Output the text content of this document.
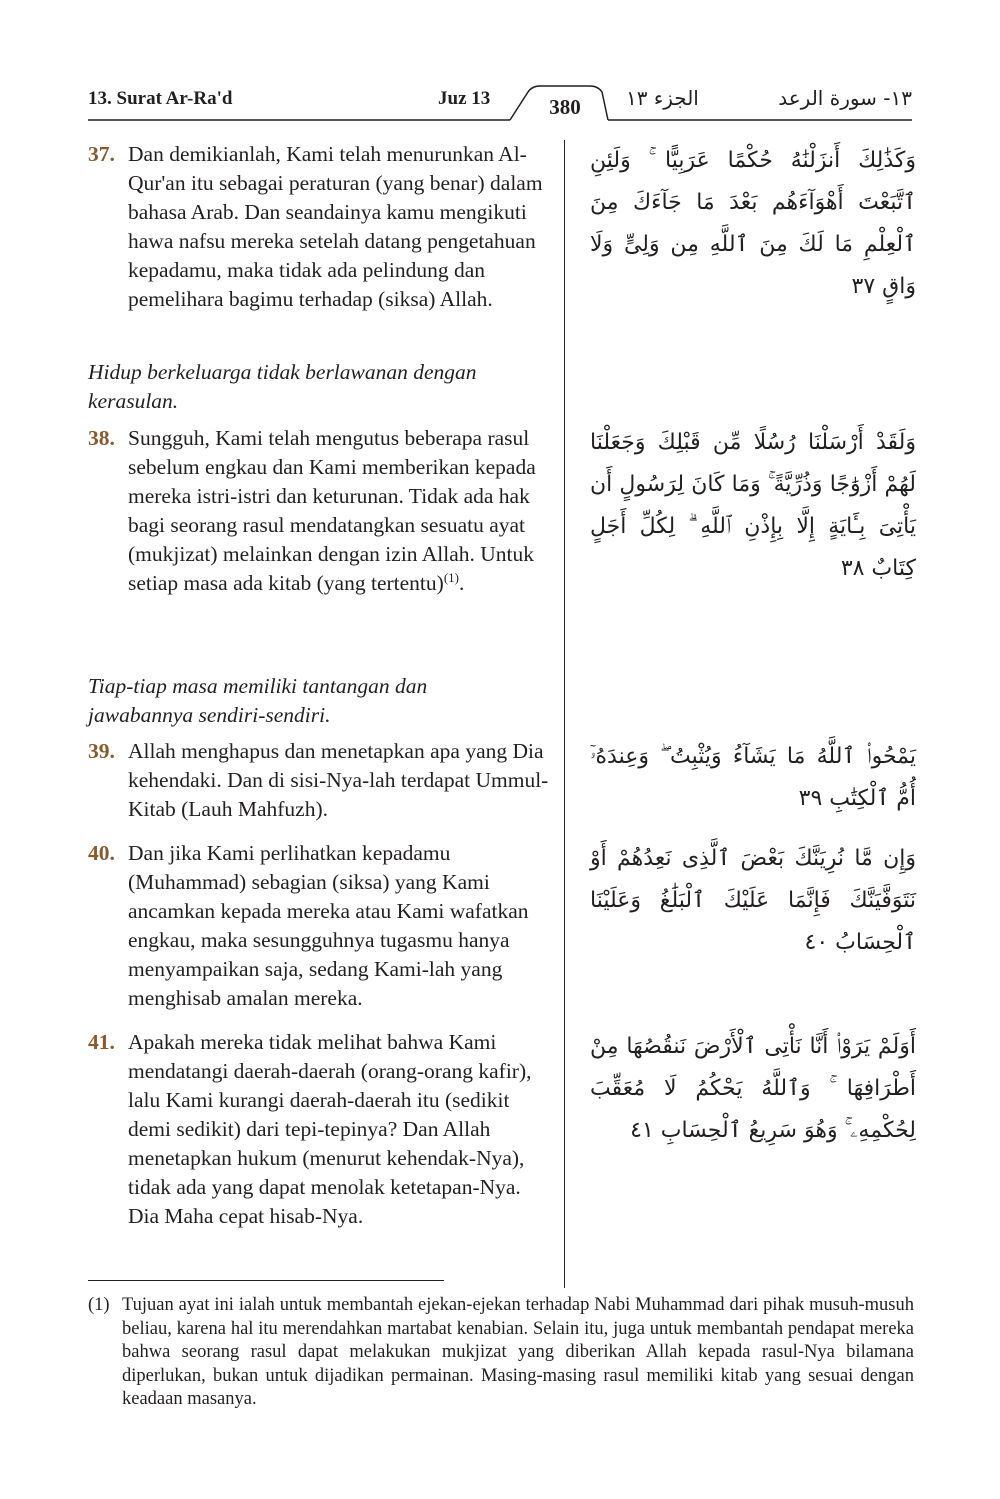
13. Surat Ar-Ra'd	Juz 13	380	الجزء ١٣	١٣- سورة الرعد
37. Dan demikianlah, Kami telah menurunkan Al-Qur'an itu sebagai peraturan (yang benar) dalam bahasa Arab. Dan seandainya kamu mengikuti hawa nafsu mereka setelah datang pengetahuan kepadamu, maka tidak ada pelindung dan pemelihara bagimu terhadap (siksa) Allah.
وَكَذَٰلِكَ أَنزَلْنَٰهُ حُكْمًا عَرَبِيًّا ۚ وَلَئِنِ ٱتَّبَعْتَ أَهْوَآءَهُم بَعْدَ مَا جَآءَكَ مِنَ ٱلْعِلْمِ مَا لَكَ مِنَ ٱللَّهِ مِن وَلِىٍّ وَلَا وَاقٍ ٣٧
Hidup berkeluarga tidak berlawanan dengan kerasulan.
38. Sungguh, Kami telah mengutus beberapa rasul sebelum engkau dan Kami memberikan kepada mereka istri-istri dan keturunan. Tidak ada hak bagi seorang rasul mendatangkan sesuatu ayat (mukjizat) melainkan dengan izin Allah. Untuk setiap masa ada kitab (yang tertentu)$^{(1)}$.
وَلَقَدْ أَرْسَلْنَا رُسُلًا مِّن قَبْلِكَ وَجَعَلْنَا لَهُمْ أَزْوَٰجًا وَذُرِّيَّةً ۚ وَمَا كَانَ لِرَسُولٍ أَن يَأْتِىَ بِـَٔايَةٍ إِلَّا بِإِذْنِ ٱللَّهِ ۗ لِكُلِّ أَجَلٍ كِتَابٌ ٣٨
Tiap-tiap masa memiliki tantangan dan jawabannya sendiri-sendiri.
39. Allah menghapus dan menetapkan apa yang Dia kehendaki. Dan di sisi-Nya-lah terdapat Ummul-Kitab (Lauh Mahfuzh).
يَمْحُوا۟ ٱللَّهُ مَا يَشَآءُ وَيُثْبِتُ ۖ وَعِندَهُۥٓ أُمُّ ٱلْكِتَٰبِ ٣٩
40. Dan jika Kami perlihatkan kepadamu (Muhammad) sebagian (siksa) yang Kami ancamkan kepada mereka atau Kami wafatkan engkau, maka sesungguhnya tugasmu hanya menyampaikan saja, sedang Kami-lah yang menghisab amalan mereka.
وَإِن مَّا نُرِيَنَّكَ بَعْضَ ٱلَّذِى نَعِدُهُمْ أَوْ نَتَوَفَّيَنَّكَ فَإِنَّمَا عَلَيْكَ ٱلْبَلَٰغُ وَعَلَيْنَا ٱلْحِسَابُ ٤٠
41. Apakah mereka tidak melihat bahwa Kami mendatangi daerah-daerah (orang-orang kafir), lalu Kami kurangi daerah-daerah itu (sedikit demi sedikit) dari tepi-tepinya? Dan Allah menetapkan hukum (menurut kehendak-Nya), tidak ada yang dapat menolak ketetapan-Nya. Dia Maha cepat hisab-Nya.
أَوَلَمْ يَرَوْا۟ أَنَّا نَأْتِى ٱلْأَرْضَ نَنقُصُهَا مِنْ أَطْرَافِهَا ۚ وَٱللَّهُ يَحْكُمُ لَا مُعَقِّبَ لِحُكْمِهِۦ ۚ وَهُوَ سَرِيعُ ٱلْحِسَابِ ٤١
(1) Tujuan ayat ini ialah untuk membantah ejekan-ejekan terhadap Nabi Muhammad dari pihak musuh-musuh beliau, karena hal itu merendahkan martabat kenabian. Selain itu, juga untuk membantah pendapat mereka bahwa seorang rasul dapat melakukan mukjizat yang diberikan Allah kepada rasul-Nya bilamana diperlukan, bukan untuk dijadikan permainan. Masing-masing rasul memiliki kitab yang sesuai dengan keadaan masanya.
